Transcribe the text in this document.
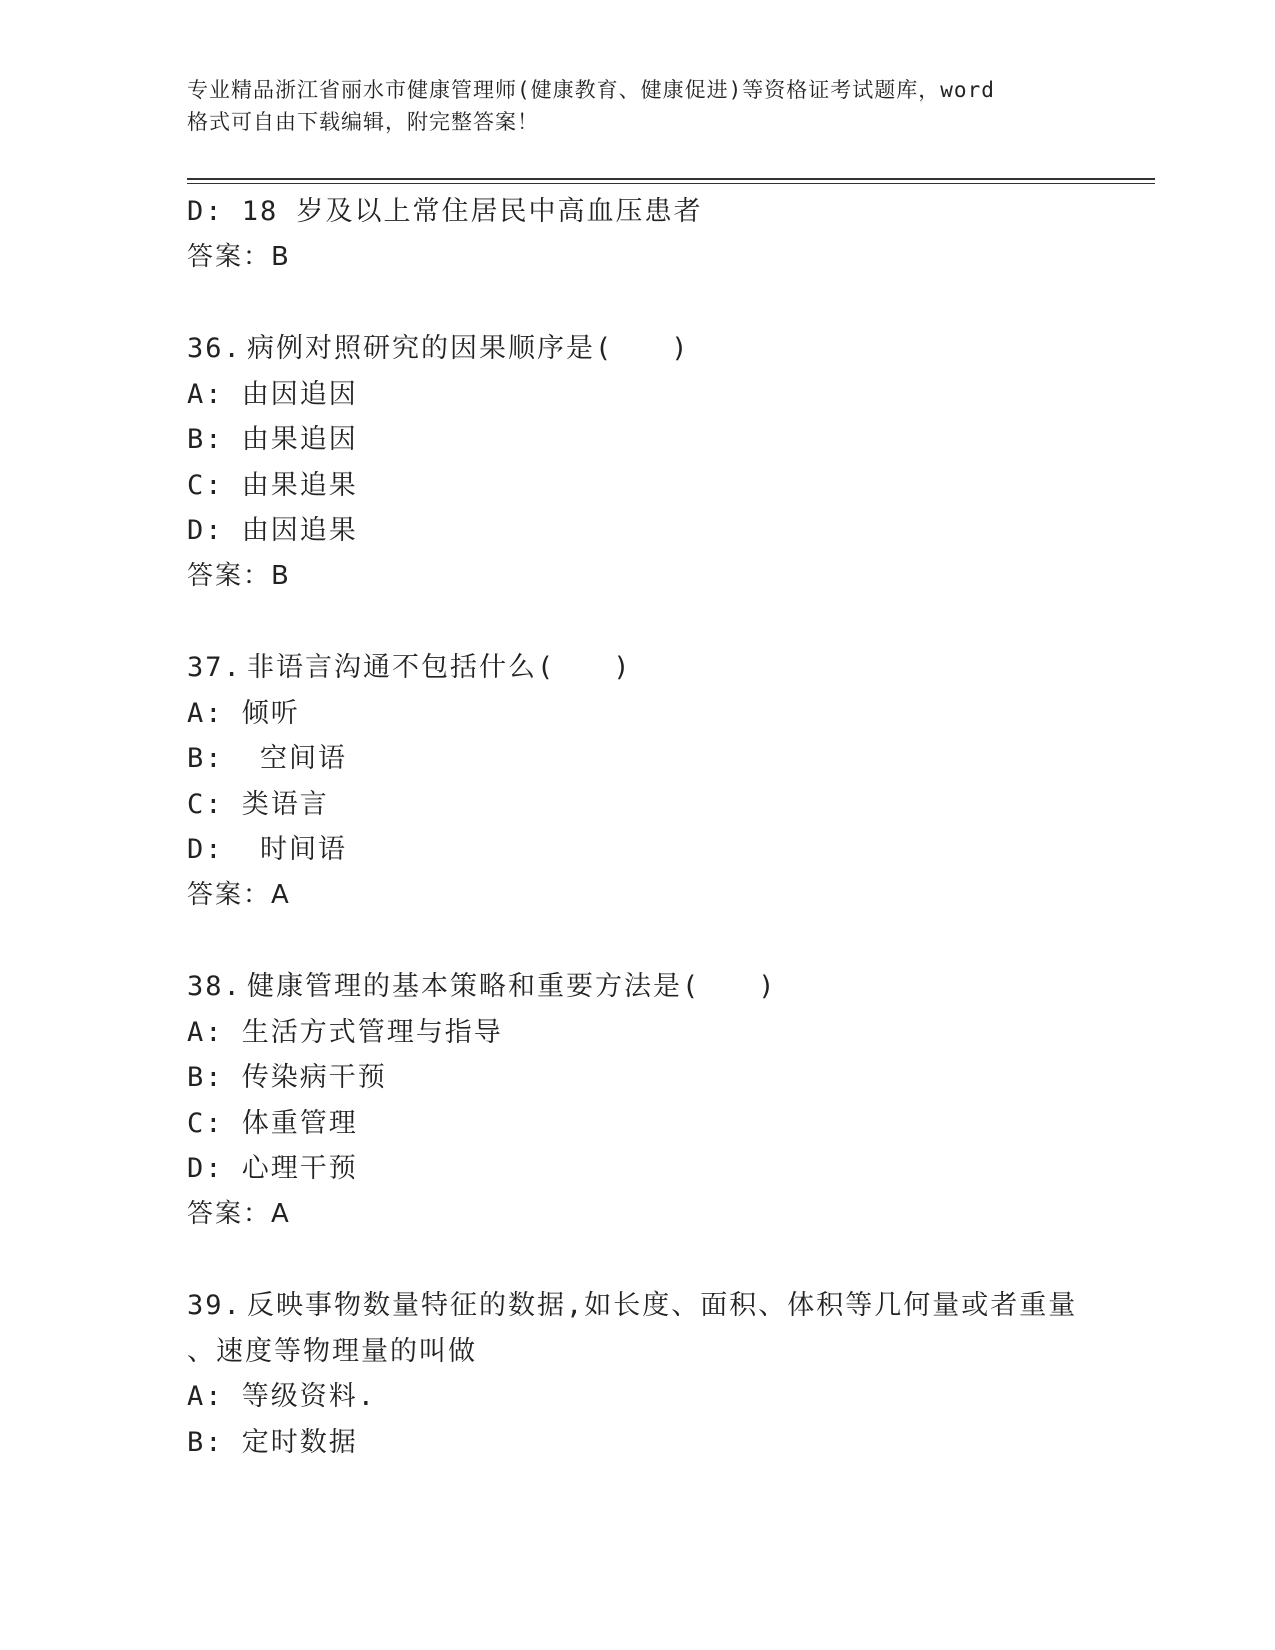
专业精品浙江省丽水市健康管理师(健康教育、健康促进)等资格证考试题库，word
格式可自由下载编辑，附完整答案！
D: 18 岁及以上常住居民中高血压患者
答案：B
36. 病例对照研究的因果顺序是(　　)
A: 由因追因
B: 由果追因
C: 由果追果
D: 由因追果
答案：B
37. 非语言沟通不包括什么(　　)
A: 倾听
B:  空间语
C: 类语言
D:  时间语
答案：A
38. 健康管理的基本策略和重要方法是(　　)
A: 生活方式管理与指导
B: 传染病干预
C: 体重管理
D: 心理干预
答案：A
39. 反映事物数量特征的数据,如长度、面积、体积等几何量或者重量
、速度等物理量的叫做
A: 等级资料.
B: 定时数据
